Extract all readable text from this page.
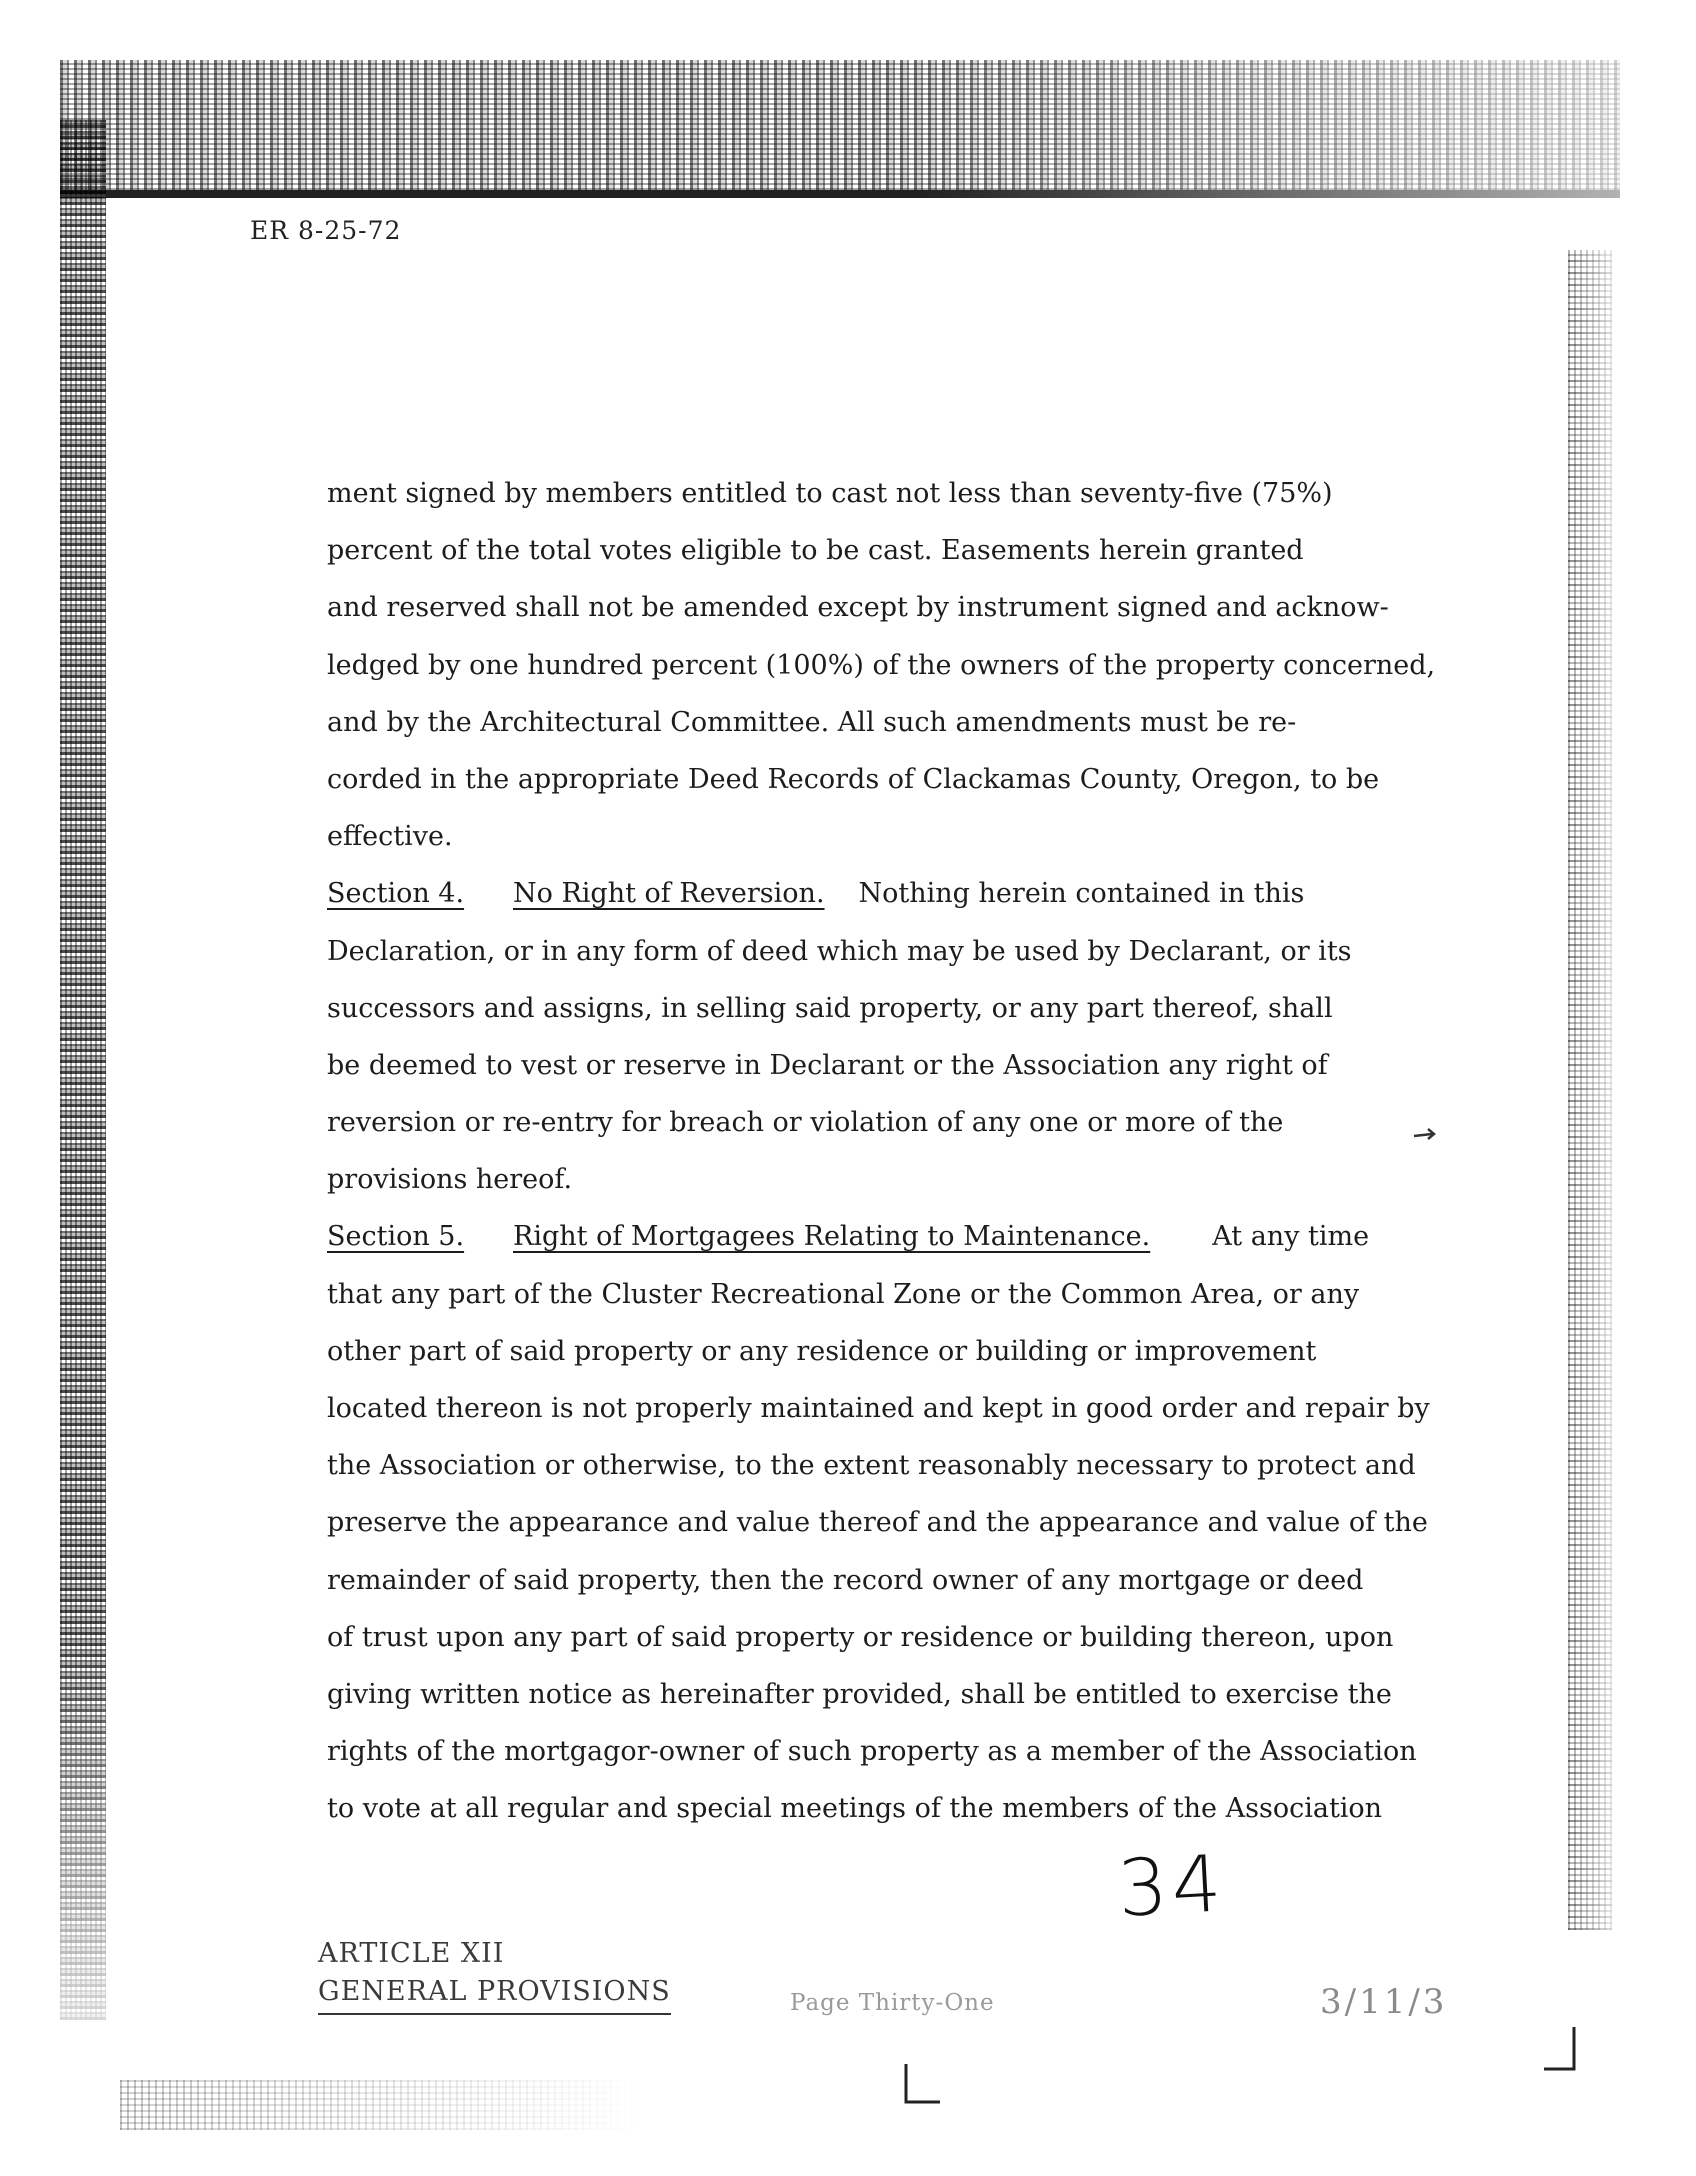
ER 8-25-72
ment signed by members entitled to cast not less than seventy-five (75%)
percent of the total votes eligible to be cast. Easements herein granted
and reserved shall not be amended except by instrument signed and acknow-
ledged by one hundred percent (100%) of the owners of the property concerned,
and by the Architectural Committee. All such amendments must be re-
corded in the appropriate Deed Records of Clackamas County, Oregon, to be
effective.
Section 4. No Right of Reversion. Nothing herein contained in this
Declaration, or in any form of deed which may be used by Declarant, or its
successors and assigns, in selling said property, or any part thereof, shall
be deemed to vest or reserve in Declarant or the Association any right of
reversion or re-entry for breach or violation of any one or more of the
provisions hereof.
Section 5. Right of Mortgagees Relating to Maintenance. At any time
that any part of the Cluster Recreational Zone or the Common Area, or any
other part of said property or any residence or building or improvement
located thereon is not properly maintained and kept in good order and repair by
the Association or otherwise, to the extent reasonably necessary to protect and
preserve the appearance and value thereof and the appearance and value of the
remainder of said property, then the record owner of any mortgage or deed
of trust upon any part of said property or residence or building thereon, upon
giving written notice as hereinafter provided, shall be entitled to exercise the
rights of the mortgagor-owner of such property as a member of the Association
to vote at all regular and special meetings of the members of the Association
34
ARTICLE XII
GENERAL PROVISIONS	Page Thirty-One	3/11/3
